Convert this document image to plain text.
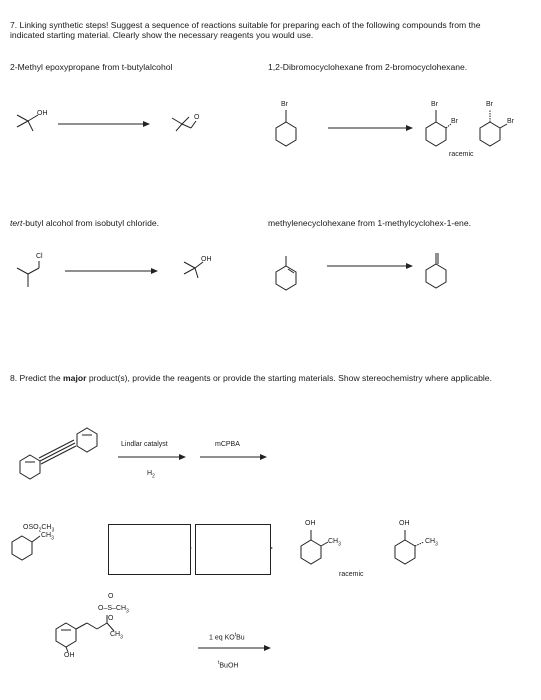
7. Linking synthetic steps! Suggest a sequence of reactions suitable for preparing each of the following compounds from the indicated starting material. Clearly show the necessary reagents you would use.
2-Methyl epoxypropane from t-butylalcohol	1,2-Dibromocyclohexane from 2-bromocyclohexane.
tert-butyl alcohol from isobutyl chloride.	methylenecyclohexane from 1-methylcyclohex-1-ene.
8. Predict the major product(s), provide the reagents or provide the starting materials. Show stereochemistry where applicable.
OH
O
Br	Br
Br
Br
Br
racemic
Cl	OH
Lindlar catalyst
$H_2$
mCPBA
$OSO_2CH_3$
$CH_3$
OH
$CH_3$
OH
$CH_3$
racemic
O
$O-S-CH_3$
O
$CH_3$
OH
1 eq $KO^tBu$
$^t$BuOH
